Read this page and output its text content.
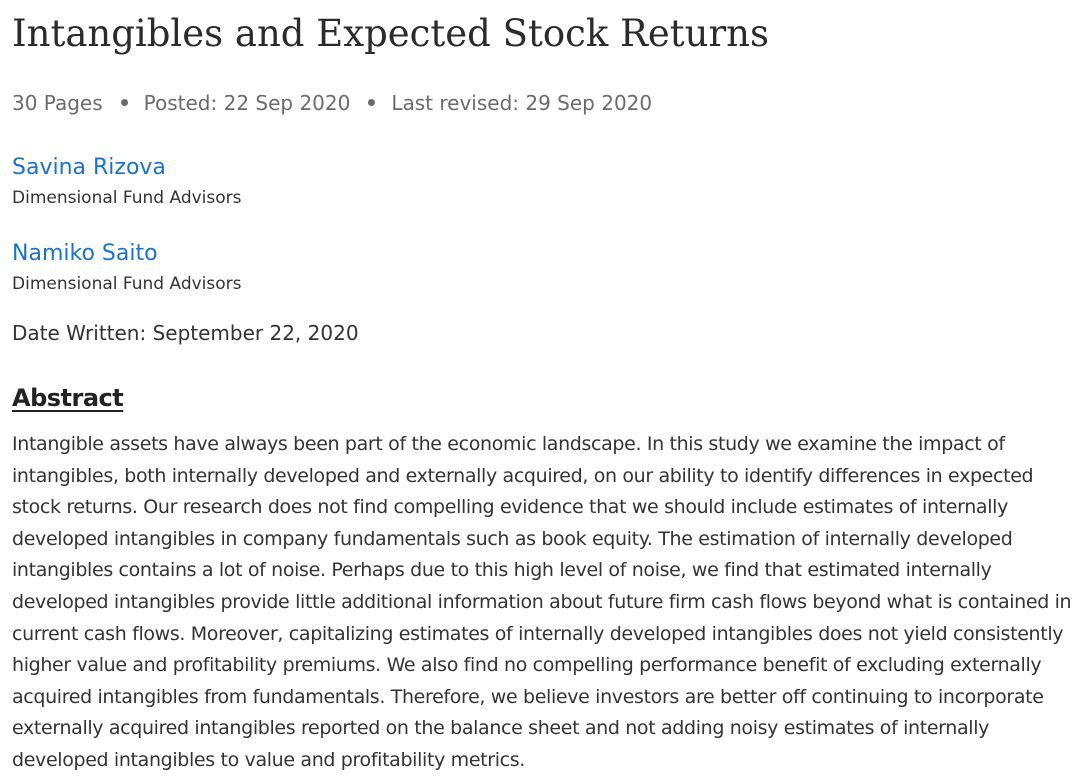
Intangibles and Expected Stock Returns
30 Pages Posted: 22 Sep 2020 Last revised: 29 Sep 2020
Savina Rizova
Dimensional Fund Advisors
Namiko Saito
Dimensional Fund Advisors
Date Written: September 22, 2020
Abstract

Intangible assets have always been part of the economic landscape. In this study we examine the impact of intangibles, both internally developed and externally acquired, on our ability to identify differences in expected stock returns. Our research does not find compelling evidence that we should include estimates of internally developed intangibles in company fundamentals such as book equity. The estimation of internally developed intangibles contains a lot of noise. Perhaps due to this high level of noise, we find that estimated internally developed intangibles provide little additional information about future firm cash flows beyond what is contained in current cash flows. Moreover, capitalizing estimates of internally developed intangibles does not yield consistently higher value and profitability premiums. We also find no compelling performance benefit of excluding externally acquired intangibles from fundamentals. Therefore, we believe investors are better off continuing to incorporate externally acquired intangibles reported on the balance sheet and not adding noisy estimates of internally developed intangibles to value and profitability metrics.
